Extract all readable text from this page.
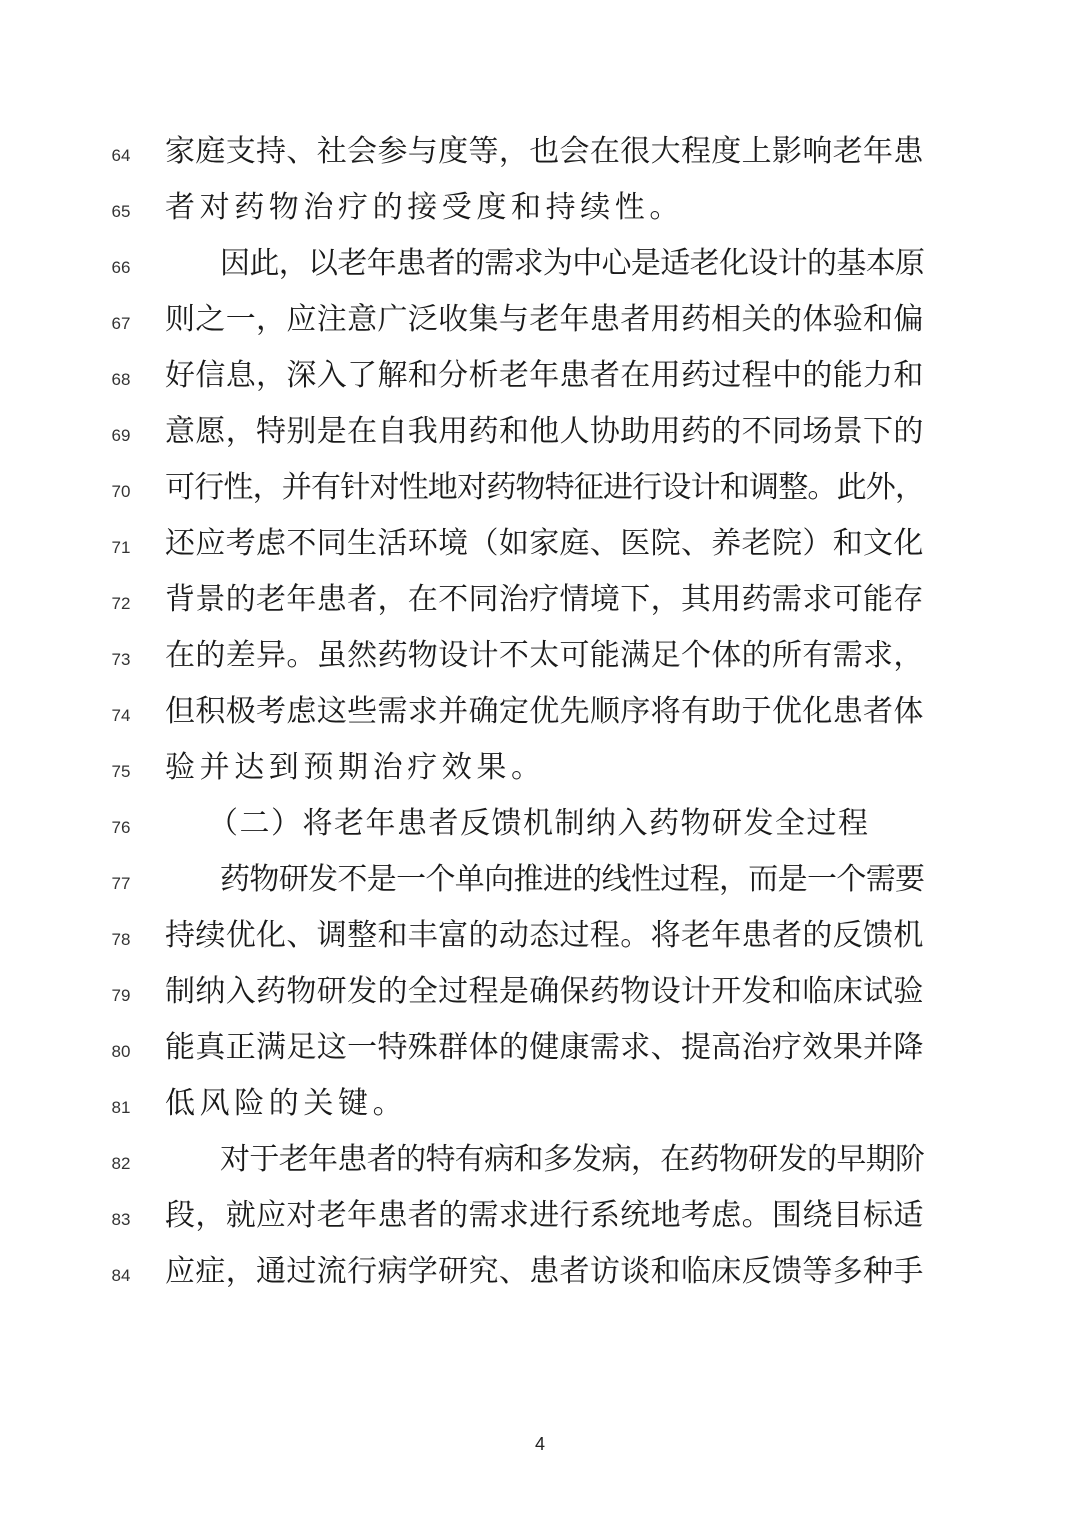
64	家庭支持、社会参与度等，也会在很大程度上影响老年患
65	者对药物治疗的接受度和持续性。
66	因此，以老年患者的需求为中心是适老化设计的基本原
67	则之一，应注意广泛收集与老年患者用药相关的体验和偏
68	好信息，深入了解和分析老年患者在用药过程中的能力和
69	意愿，特别是在自我用药和他人协助用药的不同场景下的
70	可行性，并有针对性地对药物特征进行设计和调整。此外，
71	还应考虑不同生活环境（如家庭、医院、养老院）和文化
72	背景的老年患者，在不同治疗情境下，其用药需求可能存
73	在的差异。虽然药物设计不太可能满足个体的所有需求，
74	但积极考虑这些需求并确定优先顺序将有助于优化患者体
75	验并达到预期治疗效果。
76	（二）将老年患者反馈机制纳入药物研发全过程
77	药物研发不是一个单向推进的线性过程，而是一个需要
78	持续优化、调整和丰富的动态过程。将老年患者的反馈机
79	制纳入药物研发的全过程是确保药物设计开发和临床试验
80	能真正满足这一特殊群体的健康需求、提高治疗效果并降
81	低风险的关键。
82	对于老年患者的特有病和多发病，在药物研发的早期阶
83	段，就应对老年患者的需求进行系统地考虑。围绕目标适
84	应症，通过流行病学研究、患者访谈和临床反馈等多种手
4
